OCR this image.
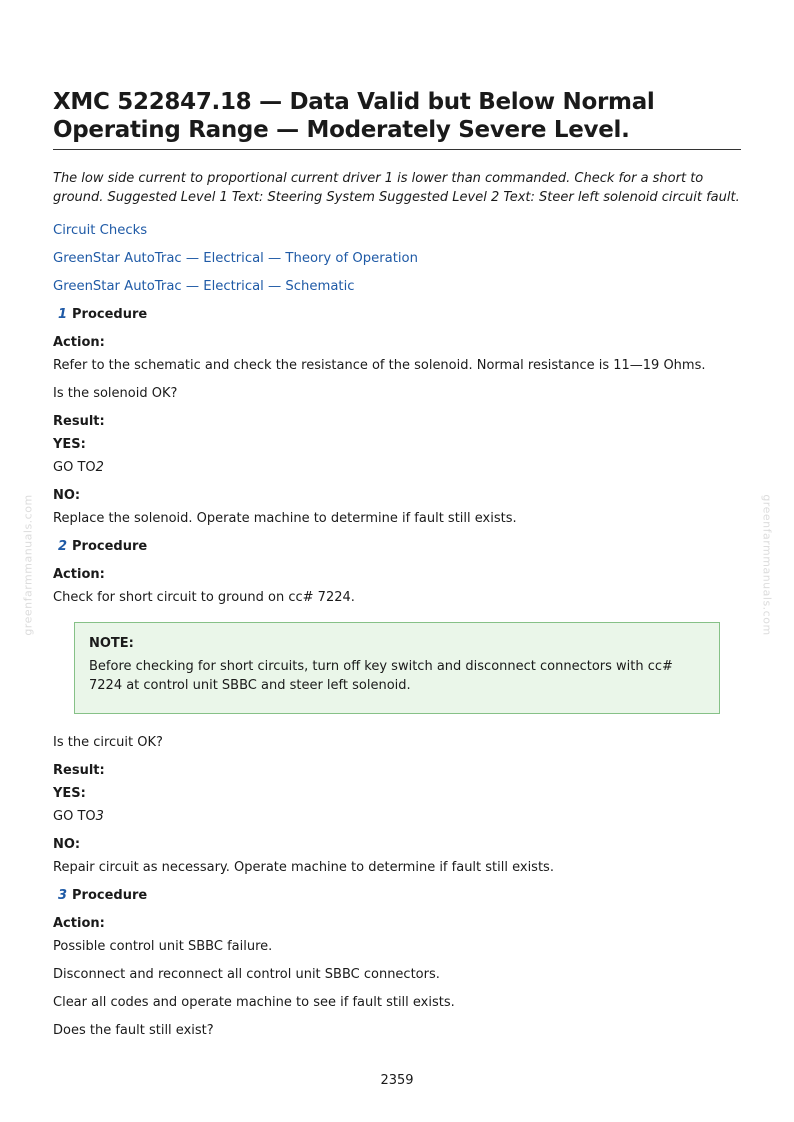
XMC 522847.18 — Data Valid but Below Normal Operating Range — Moderately Severe Level.

The low side current to proportional current driver 1 is lower than commanded. Check for a short to ground. Suggested Level 1 Text: Steering System Suggested Level 2 Text: Steer left solenoid circuit fault.

Circuit Checks
GreenStar AutoTrac — Electrical — Theory of Operation
GreenStar AutoTrac — Electrical — Schematic
1 Procedure
Action:
Refer to the schematic and check the resistance of the solenoid. Normal resistance is 11—19 Ohms.
Is the solenoid OK?
Result:
YES:
GO TO2
NO:
Replace the solenoid. Operate machine to determine if fault still exists.
2 Procedure
Action:
Check for short circuit to ground on cc# 7224.
NOTE:
Before checking for short circuits, turn off key switch and disconnect connectors with cc# 7224 at control unit SBBC and steer left solenoid.
Is the circuit OK?
Result:
YES:
GO TO3
NO:
Repair circuit as necessary. Operate machine to determine if fault still exists.
3 Procedure
Action:
Possible control unit SBBC failure.
Disconnect and reconnect all control unit SBBC connectors.
Clear all codes and operate machine to see if fault still exists.
Does the fault still exist?
greenfarmmanuals.com	greenfarmmanuals.com
2359
